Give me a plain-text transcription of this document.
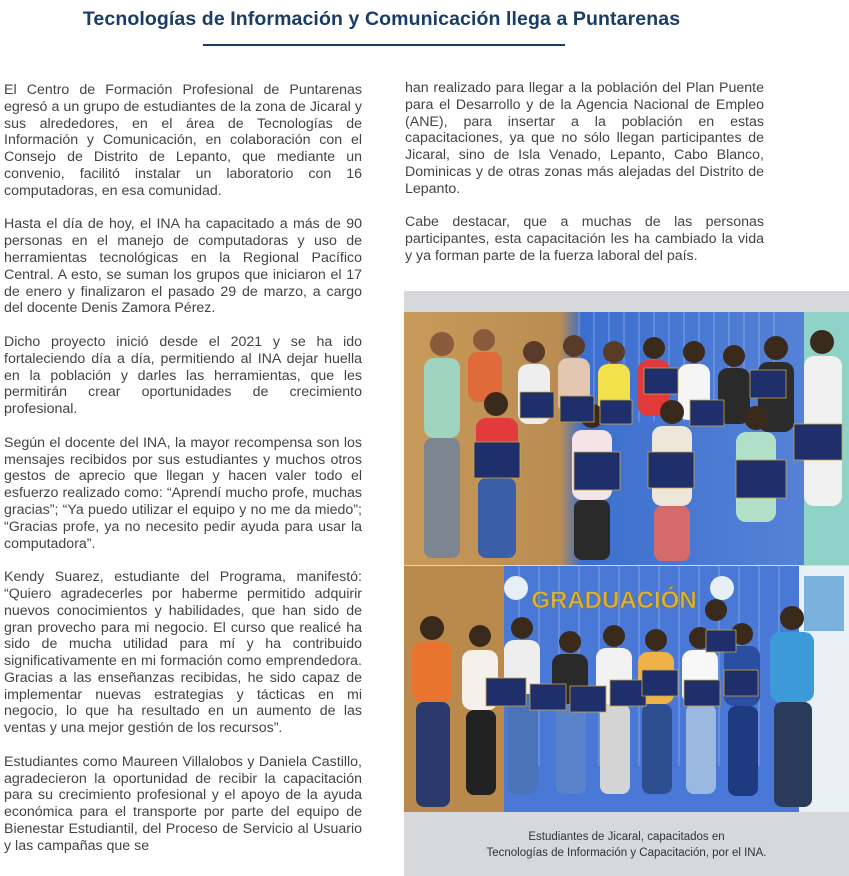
Tecnologías de Información y Comunicación llega a Puntarenas

El Centro de Formación Profesional de Puntarenas egresó a un grupo de estudiantes de la zona de Jicaral y sus alrededores, en el área de Tecnologías de Información y Comunicación, en colaboración con el Consejo de Distrito de Lepanto, que mediante un convenio, facilitó instalar un laboratorio con 16 computadoras, en esa comunidad.

Hasta el día de hoy, el INA ha capacitado a más de 90 personas en el manejo de computadoras y uso de herramientas tecnológicas en la Regional Pacífico Central. A esto, se suman los grupos que iniciaron el 17 de enero y finalizaron el pasado 29 de marzo, a cargo del docente Denis Zamora Pérez.

Dicho proyecto inició desde el 2021 y se ha ido fortaleciendo día a día, permitiendo al INA dejar huella en la población y darles las herramientas, que les permitirán crear oportunidades de crecimiento profesional.

Según el docente del INA, la mayor recompensa son los mensajes recibidos por sus estudiantes y muchos otros gestos de aprecio que llegan y hacen valer todo el esfuerzo realizado como: “Aprendí mucho profe, muchas gracias”; “Ya puedo utilizar el equipo y no me da miedo”; “Gracias profe, ya no necesito pedir ayuda para usar la computadora”.

Kendy Suarez, estudiante del Programa, manifestó: “Quiero agradecerles por haberme permitido adquirir nuevos conocimientos y habilidades, que han sido de gran provecho para mi negocio. El curso que realicé ha sido de mucha utilidad para mí y ha contribuido significativamente en mi formación como emprendedora. Gracias a las enseñanzas recibidas, he sido capaz de implementar nuevas estrategias y tácticas en mi negocio, lo que ha resultado en un aumento de las ventas y una mejor gestión de los recursos”.

Estudiantes como Maureen Villalobos y Daniela Castillo, agradecieron la oportunidad de recibir la capacitación para su crecimiento profesional y el apoyo de la ayuda económica para el transporte por parte del equipo de Bienestar Estudiantil, del Proceso de Servicio al Usuario y las campañas que se

han realizado para llegar a la población del Plan Puente para el Desarrollo y de la Agencia Nacional de Empleo (ANE), para insertar a la población en estas capacitaciones, ya que no sólo llegan participantes de Jicaral, sino de Isla Venado, Lepanto, Cabo Blanco, Dominicas y de otras zonas más alejadas del Distrito de Lepanto.

Cabe destacar, que a muchas de las personas participantes, esta capacitación les ha cambiado la vida y ya forman parte de la fuerza laboral del país.

GRADUACIÓN
Estudiantes de Jicaral, capacitados en
Tecnologías de Información y Capacitación, por el INA.
